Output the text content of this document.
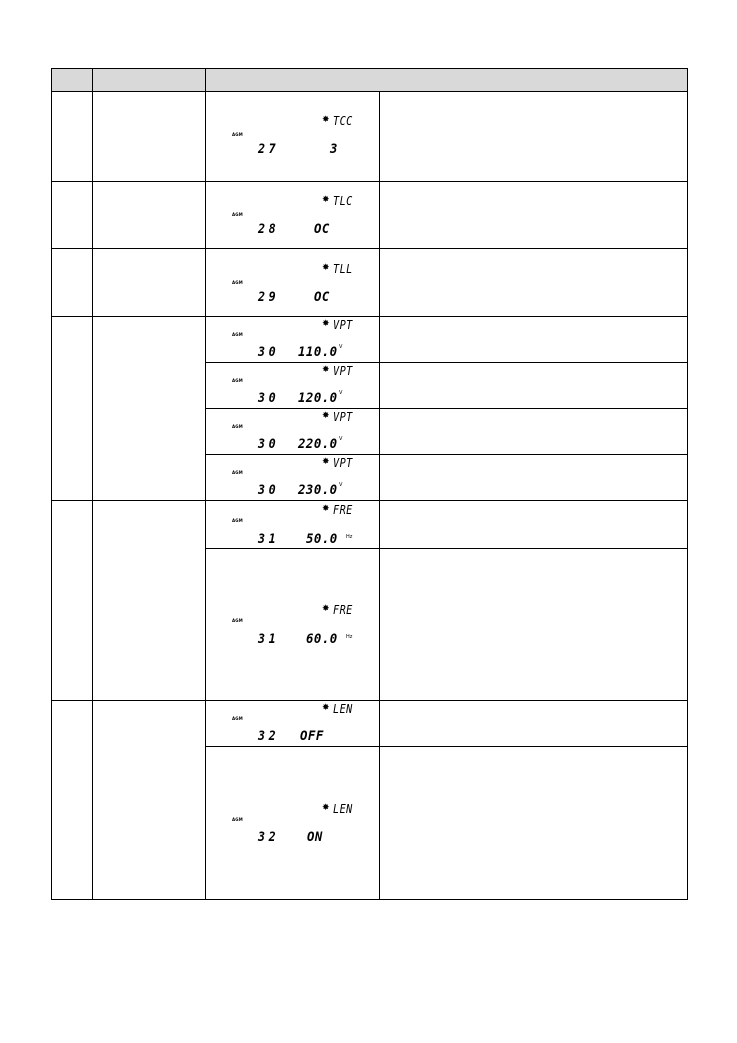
AGM
✸ TCC
27	3
AGM
✸ TLC
28	OC
AGM
✸ TLL
29	OC
AGM
✸ VPT
30 110.0 V
AGM
✸ VPT
30 120.0 V
AGM
✸ VPT
30 220.0 V
AGM
✸ VPT
30 230.0 V
AGM
✸ FRE
31 50.0 Hz
AGM
✸ FRE
31 60.0 Hz
AGM
✸ LEN
32 OFF
AGM
✸ LEN
32 ON
